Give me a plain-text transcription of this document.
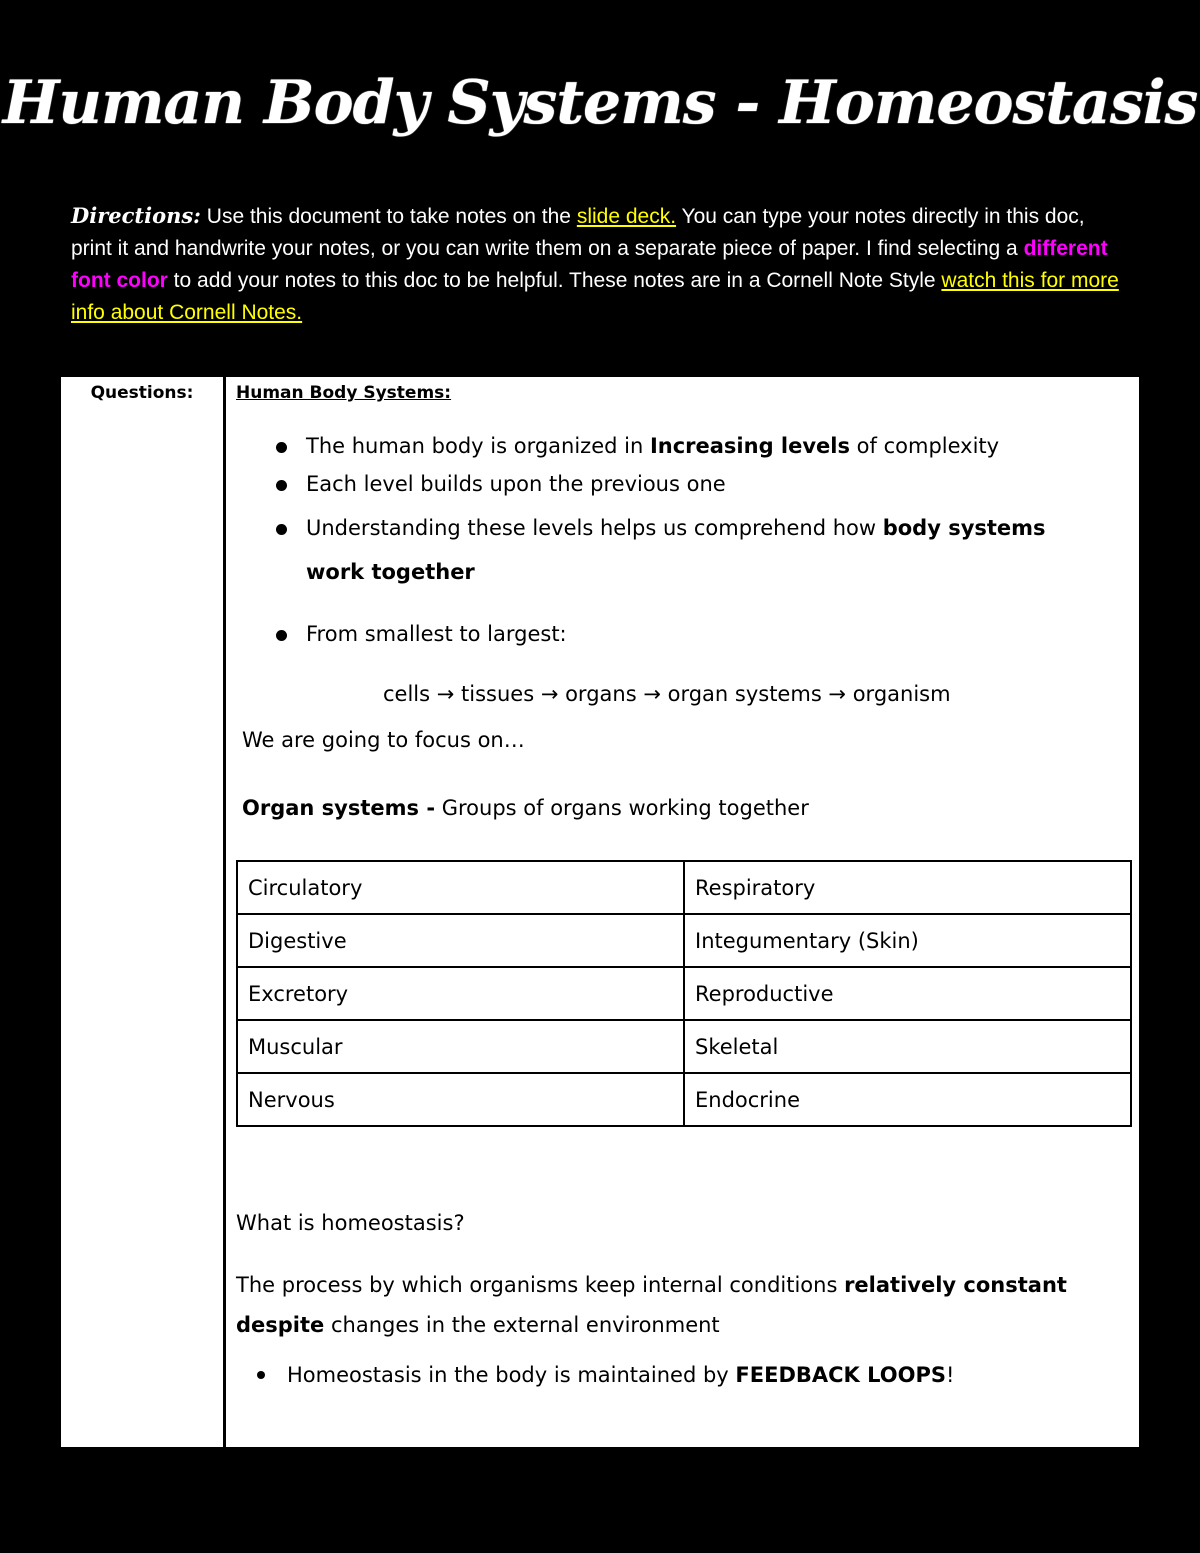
Human Body Systems - Homeostasis
Directions: Use this document to take notes on the slide deck. You can type your notes directly in this doc, print it and handwrite your notes, or you can write them on a separate piece of paper. I find selecting a different font color to add your notes to this doc to be helpful. These notes are in a Cornell Note Style watch this for more info about Cornell Notes.
Questions:	Human Body Systems:
The human body is organized in Increasing levels of complexity
Each level builds upon the previous one
Understanding these levels helps us comprehend how body systems
work together
From smallest to largest:
cells → tissues → organs → organ systems → organism
We are going to focus on…
Organ systems - Groups of organs working together
Circulatory	Respiratory
Digestive	Integumentary (Skin)
Excretory	Reproductive
Muscular	Skeletal
Nervous	Endocrine
What is homeostasis?
The process by which organisms keep internal conditions relatively constant
despite changes in the external environment
Homeostasis in the body is maintained by FEEDBACK LOOPS!
